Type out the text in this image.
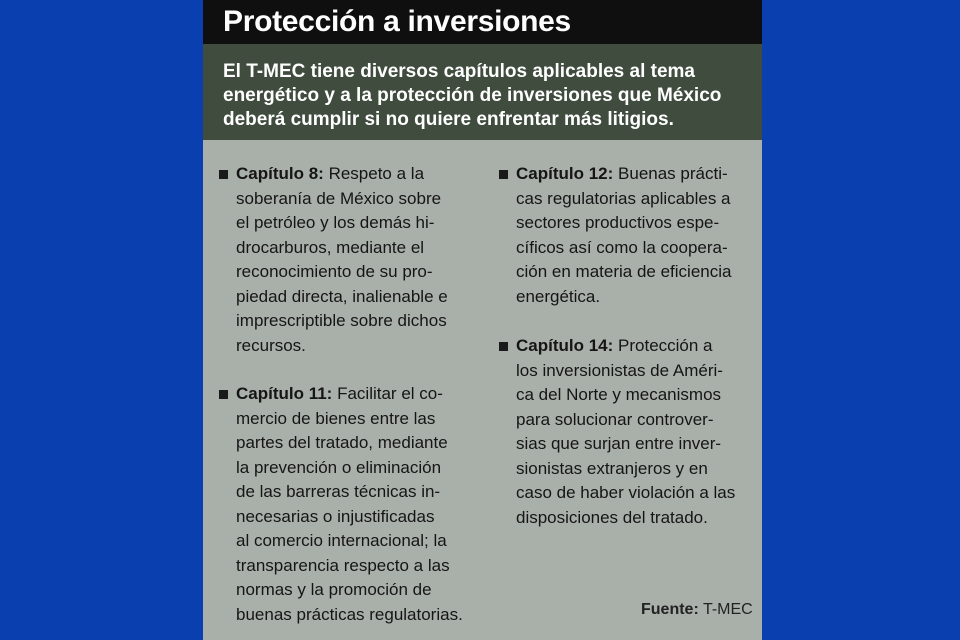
Protección a inversiones
El T-MEC tiene diversos capítulos aplicables al tema
energético y a la protección de inversiones que México
deberá cumplir si no quiere enfrentar más litigios.
Capítulo 8: Respeto a la
soberanía de México sobre
el petróleo y los demás hi-
drocarburos, mediante el
reconocimiento de su pro-
piedad directa, inalienable e
imprescriptible sobre dichos
recursos.
Capítulo 11: Facilitar el co-
mercio de bienes entre las
partes del tratado, mediante
la prevención o eliminación
de las barreras técnicas in-
necesarias o injustificadas
al comercio internacional; la
transparencia respecto a las
normas y la promoción de
buenas prácticas regulatorias.
Capítulo 12: Buenas prácti-
cas regulatorias aplicables a
sectores productivos espe-
cíficos así como la coopera-
ción en materia de eficiencia
energética.
Capítulo 14: Protección a
los inversionistas de Améri-
ca del Norte y mecanismos
para solucionar controver-
sias que surjan entre inver-
sionistas extranjeros y en
caso de haber violación a las
disposiciones del tratado.
Fuente: T-MEC
